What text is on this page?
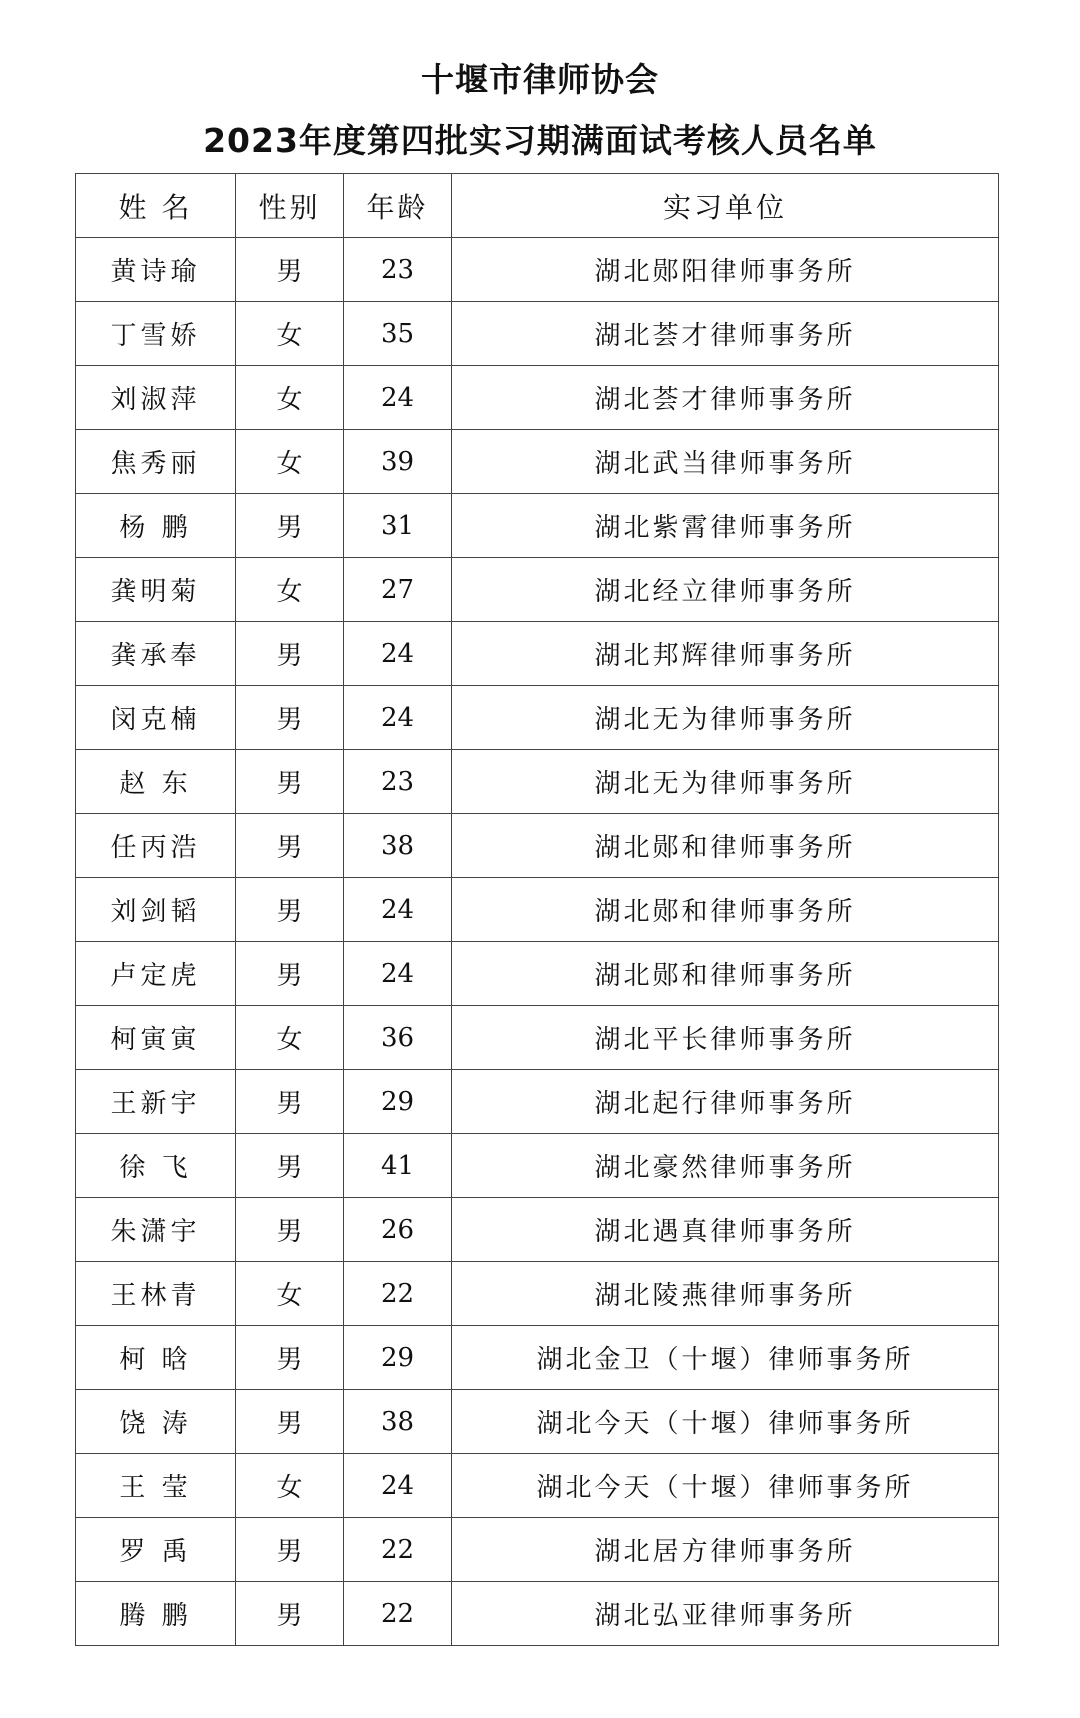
十堰市律师协会
2023年度第四批实习期满面试考核人员名单
姓 名	性别	年龄	实习单位
黄诗瑜	男	23	湖北郧阳律师事务所
丁雪娇	女	35	湖北荟才律师事务所
刘淑萍	女	24	湖北荟才律师事务所
焦秀丽	女	39	湖北武当律师事务所
杨 鹏	男	31	湖北紫霄律师事务所
龚明菊	女	27	湖北经立律师事务所
龚承奉	男	24	湖北邦辉律师事务所
闵克楠	男	24	湖北无为律师事务所
赵 东	男	23	湖北无为律师事务所
任丙浩	男	38	湖北郧和律师事务所
刘剑韬	男	24	湖北郧和律师事务所
卢定虎	男	24	湖北郧和律师事务所
柯寅寅	女	36	湖北平长律师事务所
王新宇	男	29	湖北起行律师事务所
徐 飞	男	41	湖北豪然律师事务所
朱潇宇	男	26	湖北遇真律师事务所
王林青	女	22	湖北陵燕律师事务所
柯 晗	男	29	湖北金卫（十堰）律师事务所
饶 涛	男	38	湖北今天（十堰）律师事务所
王 莹	女	24	湖北今天（十堰）律师事务所
罗 禹	男	22	湖北居方律师事务所
腾 鹏	男	22	湖北弘亚律师事务所
